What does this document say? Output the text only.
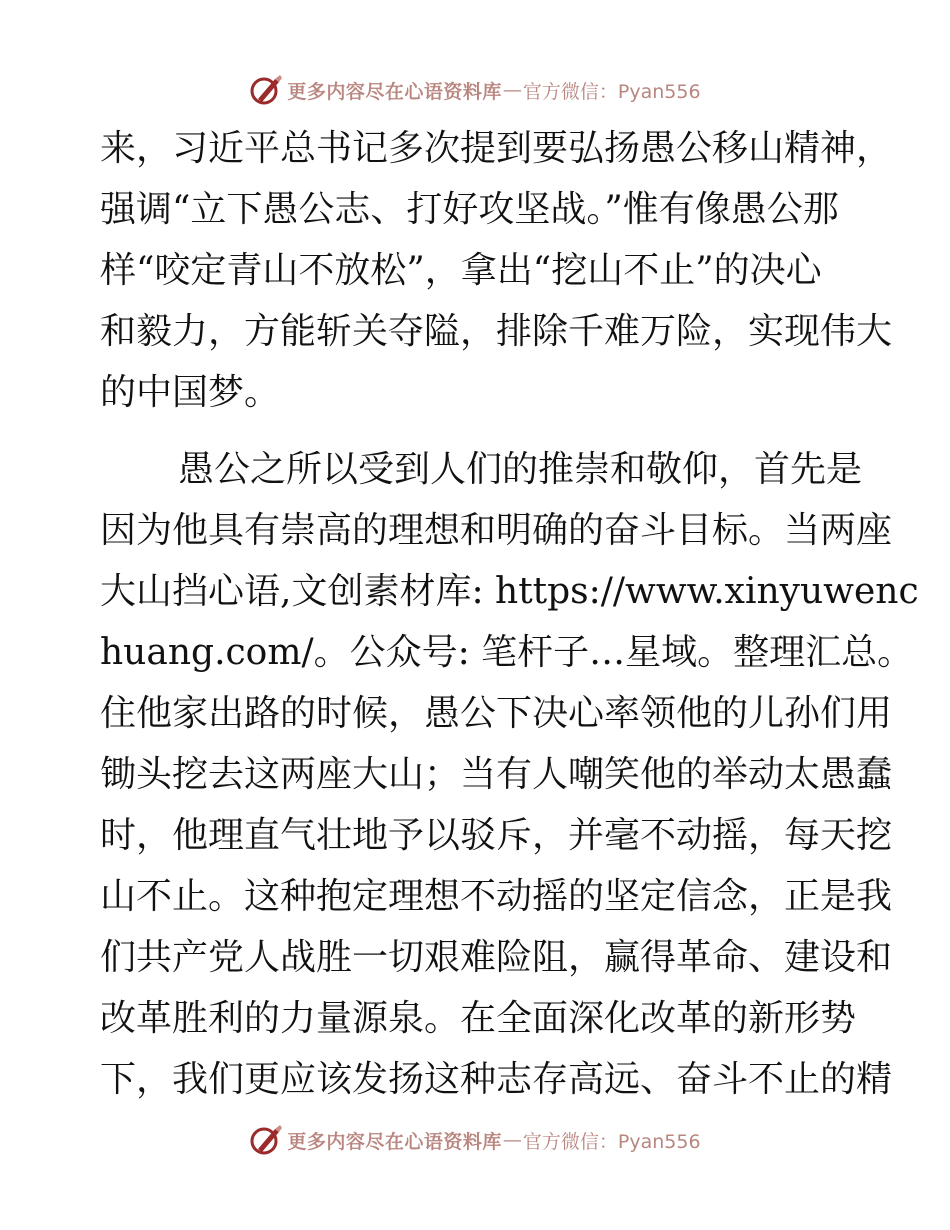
更多内容尽在心语资料库 — 官方微信：Pyan556
来，习近平总书记多次提到要弘扬愚公移山精神，
强调“立下愚公志、打好攻坚战。”惟有像愚公那
样“咬定青山不放松”，拿出“挖山不止”的决心
和毅力，方能斩关夺隘，排除千难万险，实现伟大
的中国梦。
愚公之所以受到人们的推崇和敬仰，首先是
因为他具有崇高的理想和明确的奋斗目标。当两座
大山挡心语,文创素材库: https://www.xinyuwenc
huang.com/。公众号: 笔杆子…星域。整理汇总。
住他家出路的时候，愚公下决心率领他的儿孙们用
锄头挖去这两座大山；当有人嘲笑他的举动太愚蠢
时，他理直气壮地予以驳斥，并毫不动摇，每天挖
山不止。这种抱定理想不动摇的坚定信念，正是我
们共产党人战胜一切艰难险阻，赢得革命、建设和
改革胜利的力量源泉。在全面深化改革的新形势
下，我们更应该发扬这种志存高远、奋斗不止的精
更多内容尽在心语资料库 — 官方微信：Pyan556
